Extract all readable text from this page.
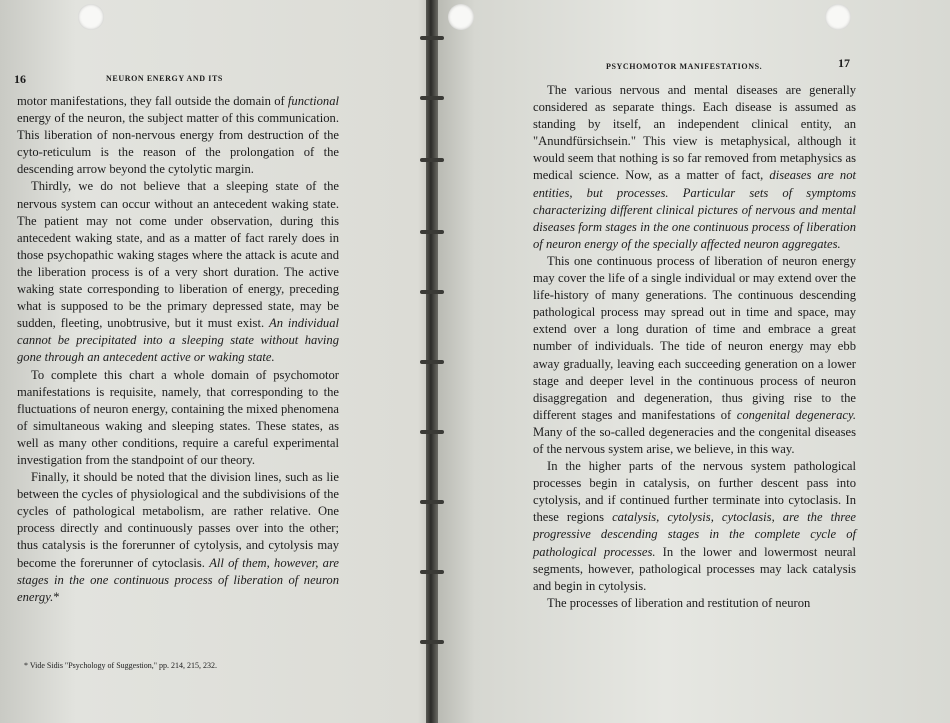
16	NEURON ENERGY AND ITS

motor manifestations, they fall outside the domain of functional energy of the neuron, the subject matter of this communication. This liberation of non-nervous energy from destruction of the cyto-reticulum is the reason of the prolongation of the descending arrow beyond the cytolytic margin.

Thirdly, we do not believe that a sleeping state of the nervous system can occur without an antecedent waking state. The patient may not come under observation, during this antecedent waking state, and as a matter of fact rarely does in those psychopathic waking stages where the attack is acute and the liberation process is of a very short duration. The active waking state corresponding to liberation of energy, preceding what is supposed to be the primary depressed state, may be sudden, fleeting, unobtrusive, but it must exist. An individual cannot be precipitated into a sleeping state without having gone through an antecedent active or waking state.

To complete this chart a whole domain of psychomotor manifestations is requisite, namely, that corresponding to the fluctuations of neuron energy, containing the mixed phenomena of simultaneous waking and sleeping states. These states, as well as many other conditions, require a careful experimental investigation from the standpoint of our theory.

Finally, it should be noted that the division lines, such as lie between the cycles of physiological and the subdivisions of the cycles of pathological metabolism, are rather relative. One process directly and continuously passes over into the other; thus catalysis is the forerunner of cytolysis, and cytolysis may become the forerunner of cytoclasis. All of them, however, are stages in the one continuous process of liberation of neuron energy.*

* Vide Sidis "Psychology of Suggestion," pp. 214, 215, 232.
PSYCHOMOTOR MANIFESTATIONS.	17

The various nervous and mental diseases are generally considered as separate things. Each disease is assumed as standing by itself, an independent clinical entity, an "Anundfürsichsein." This view is metaphysical, although it would seem that nothing is so far removed from metaphysics as medical science. Now, as a matter of fact, diseases are not entities, but processes. Particular sets of symptoms characterizing different clinical pictures of nervous and mental diseases form stages in the one continuous process of liberation of neuron energy of the specially affected neuron aggregates.

This one continuous process of liberation of neuron energy may cover the life of a single individual or may extend over the life-history of many generations. The continuous descending pathological process may spread out in time and space, may extend over a long duration of time and embrace a great number of individuals. The tide of neuron energy may ebb away gradually, leaving each succeeding generation on a lower stage and deeper level in the continuous process of neuron disaggregation and degeneration, thus giving rise to the different stages and manifestations of congenital degeneracy. Many of the so-called degeneracies and the congenital diseases of the nervous system arise, we believe, in this way.

In the higher parts of the nervous system pathological processes begin in catalysis, on further descent pass into cytolysis, and if continued further terminate into cytoclasis. In these regions catalysis, cytolysis, cytoclasis, are the three progressive descending stages in the complete cycle of pathological processes. In the lower and lowermost neural segments, however, pathological processes may lack catalysis and begin in cytolysis.

The processes of liberation and restitution of neuron
